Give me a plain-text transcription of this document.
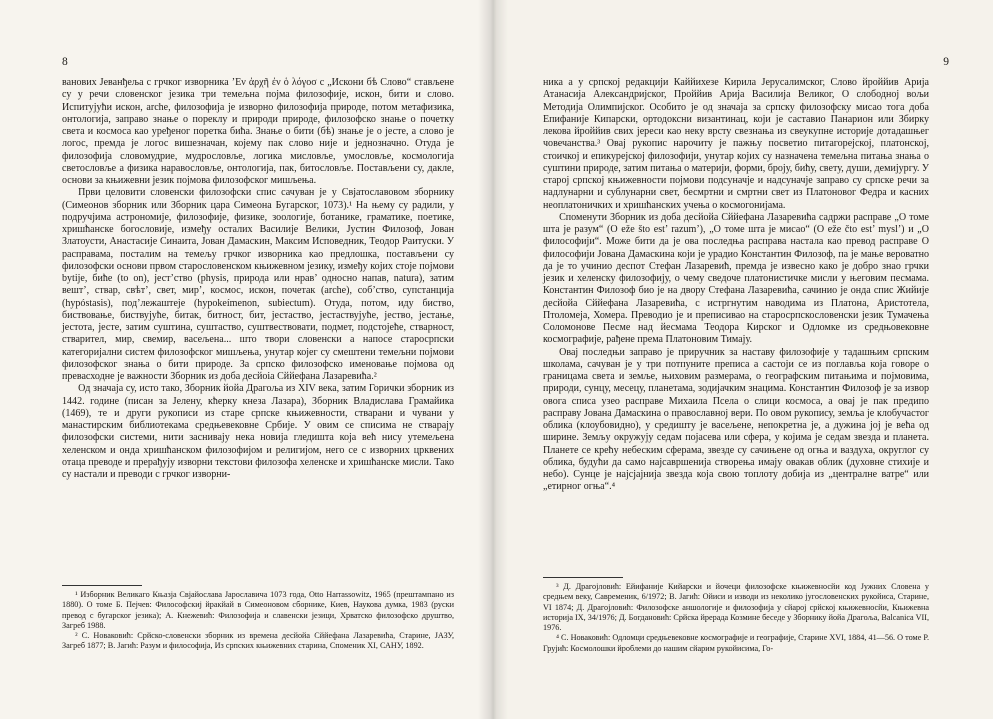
8

ванових Јеванђеља с грчког изворника ’Εν ἀρχῆ ἐν ὁ λόγοσ с „Искони бѣ Слово“ стављене су у речи словенског језика три темељна појма филозофије, искон, бити и слово. Испитујући искон, arche, филозофија је изворно филозофија природе, потом метафизика, онтологија, заправо знање о пореклу и природи природе, филозофско знање о почетку света и космоса као уређеног поретка бића. Знање о бити (бѣ) знање је о јесте, а слово је логос, премда је логос вишезначан, којему пак слово није и једнозначно. Отуда је филозофија словомудрие, мудрословље, логика мисловље, умословље, космологија светословље а физика наравословље, онтологија, пак, битословље. Постављени су, дакле, основи за књижевни језик појмова филозофског мишљења.

Први целовити словенски филозофски спис сачуван је у Свјатославовом зборнику (Симеонов зборник или Зборник цара Симеона Бугарског, 1073).¹ На њему су радили, у подручјима астрономије, филозофије, физике, зоологије, ботанике, граматике, поетике, хришћанске богословије, између осталих Василије Велики, Јустин Филозоф, Јован Златоусти, Анастасије Синаита, Јован Дамаскин, Максим Исповедник, Теодор Раитуски. У расправама, посталим на темељу грчког изворника као предлошка, постављени су филозофски основи првом старословенском књижевном језику, између којих стоје појмови bytije, биће (to on), јест’ство (physis, природа или нрав’ односно напав, natura), затим вешт’, ствар, свѣт’, свет, мир’, космос, искон, почетак (arche), соб’ство, супстанција (hypóstasis), под’лежаштеје (hypokeímenon, subiectum). Отуда, потом, иду биство, биствовање, биствујуће, битак, битност, бит, јестаство, јестаствујуће, јество, јестање, јестота, јесте, затим суштина, суштаство, суштвествовати, подмет, подстојеће, стварност, стварител, мир, свемир, васељена... што твори словенски а напосе старосрпски категоријални систем филозофског мишљења, унутар којег су смештени темељни појмови филозофског знања о бити природе. За српско филозофско именовање појмова од превасходне је важности Зборник из доба десйоiа Сййефана Лазаревића.²

Од значаја су, исто тако, Зборник йойа Драгоља из XIV века, затим Горички зборник из 1442. године (писан за Јелену, кћерку кнеза Лазара), Зборник Владислава Грамайика (1469), те и други рукописи из старе српске књижевности, стварани и чувани у манастирским библиотекама средњевековне Србије. У овим се списима не ствараjу филозофски системи, нити заснивају нека новија гледишта која већ нису утемељена хеленском и онда хришћанском филозофијом и религијом, него се с изворних црквених отаца преводе и прерађују изворни текстови филозофа хеленске и хришћанске мисли. Тако су настали и преводи с грчког изворни-

¹ Изборник Великаго Књазја Свјайослава Јарославича 1073 года, Otto Harrassowitz, 1965 (прештампано из 1880). О томе Б. Пејчев: Философскиј йракйай в Симеоновом сборнике, Киев, Наукова думка, 1983 (руски превод с бугарског језика); А. Кнежевић: Филозофија и славенски језици, Хрватско филозофско друштво, Загреб 1988.

² С. Новаковић: Срйско-словенски зборник из времена десйойа Сййефана Лазаревића, Старине, ЈАЗУ, Загреб 1877; В. Јагић: Разум и философија, Из српских књижевних старина, Споменик XI, САНУ, 1892.

9

ника а у српској редакцији Каййихезе Кирила Јерусалимског, Слово йроййив Арија Атанасија Александријског, Проййив Арија Василија Великог, О слободној вољи Методија Олимпијског. Особито је од значаја за српску филозофску мисао тога доба Епифаније Кипарски, ортодоксни византинац, који је саставио Панарион или Збирку лекова йроййив свих јереси као некy врсту свезнања из свеукупне историје дотадашњег човечанства.³ Овај рукопис нарочиту је пажњу посветио питагорејској, платонској, стоичкој и епикурејској филозофији, унутар којих су назначена темељна питања знања о суштини природе, затим питања о материји, форми, броју, бићу, свету, души, демијургу. У старој српској књижевности појмови подсуначје и надсуначје заправо су српске речи за надлунарни и сублунарни свет, бесмртни и смртни свет из Платоновог Федра и касних неоплатоничких и хришћанских учења о космогонијама.

Споменути Зборник из доба десйойа Сййефана Лазаревића садржи расправе „О томе шта је разум“ (O eže što est’ razum’), „О томе шта је мисао“ (O eže čto est’ mysl’) и „О философији“. Може бити да је ова последња расправа настала као превод расправе О философији Јована Дамаскина који је урадио Константин Филозоф, па је мање вероватно да је то учинио деспот Стефан Лазаревић, премда је извесно како је добро знао грчки језик и хеленску филозофију, о чему сведоче платонистичке мисли у његовим песмама. Константин Филозоф био је на двору Стефана Лазаревића, сачинио је онда спис Жийије десйойа Сййефана Лазаревића, с истргнутим наводима из Платона, Аристотела, Птоломеја, Хомера. Преводио је и преписивао на старосрпскословенски језик Тумачења Соломонове Песме над йесмама Теодора Кирског и Одломке из средњовековне космографије, рађене према Платоновим Тимају.

Овај последњи заправо је приручник за наставу филозофије у тадашњим српским школама, сачуван је у три потпуните преписа а састоји се из поглавља која говоре о границама света и земље, њиховим размерама, о географским питањима и појмовима, природи, сунцу, месецу, планетама, зодијачким знацима. Константин Филозоф је за извор овога списа узео расправе Михаила Псела о слици космоса, а овај је пак предипо расправу Јована Дамаскина о православној вери. По овом рукопису, земља је клобучастог облика (клоубовидно), у средишту је васељене, непокретна је, а дужина јој је већа од ширине. Земљу окружују седам појасева или сфера, у којима је седам звезда и планета. Планете се крећу небеским сферама, звезде су сачињене од огња и ваздуха, округлог су облика, будући да само најсавршенија створења имају овакав облик (духовне стихије и небо). Сунце је најсјајнија звезда која свою топлоту добија из „централне ватре“ или „етирног огња“.⁴

³ Д. Драгојловић: Ейифаније Кийарски и йочеци филозофске књижевносйи код Јужних Словена у средњем веку, Савременик, 6/1972; В. Јагић: Ойиси и изводи из неколико југословенских рукойиса, Старине, VI 1874; Д. Драгојловић: Филозофске аншологије и филозофија у сйарој срйској књижевносйи, Књижевна историја IX, 34/1976; Д. Богдановић: Срйска йрерада Козмине беседе у Зборнику йойа Драгоља, Balcanica VII, 1976.

⁴ С. Новаковић: Одломци средњевековне космографије и географије, Старине XVI, 1884, 41—56. О томе Р. Грујић: Космолошки йроблеми до нашим сйарим рукойисима, Го-
